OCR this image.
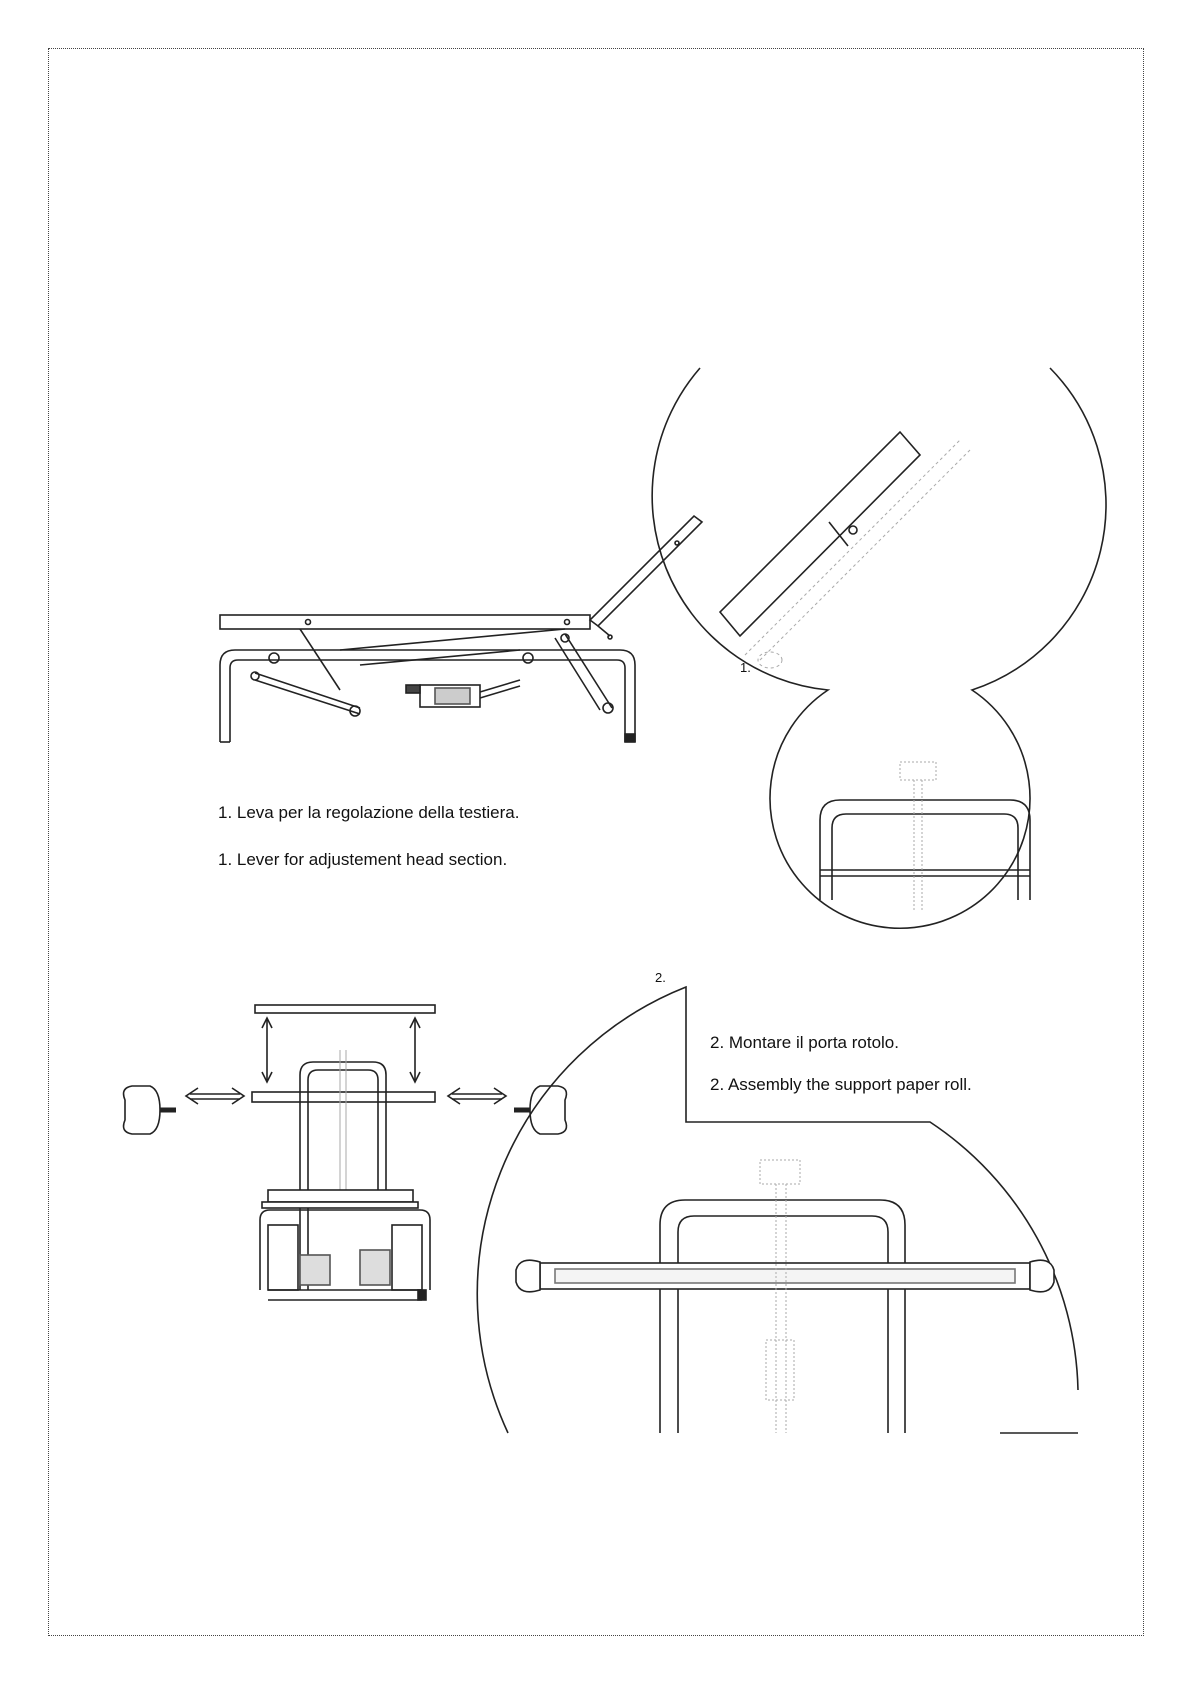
1.
1. Leva per la regolazione della testiera.
1. Lever for adjustement head section.
2.
2. Montare il porta rotolo.
2. Assembly the support paper roll.
